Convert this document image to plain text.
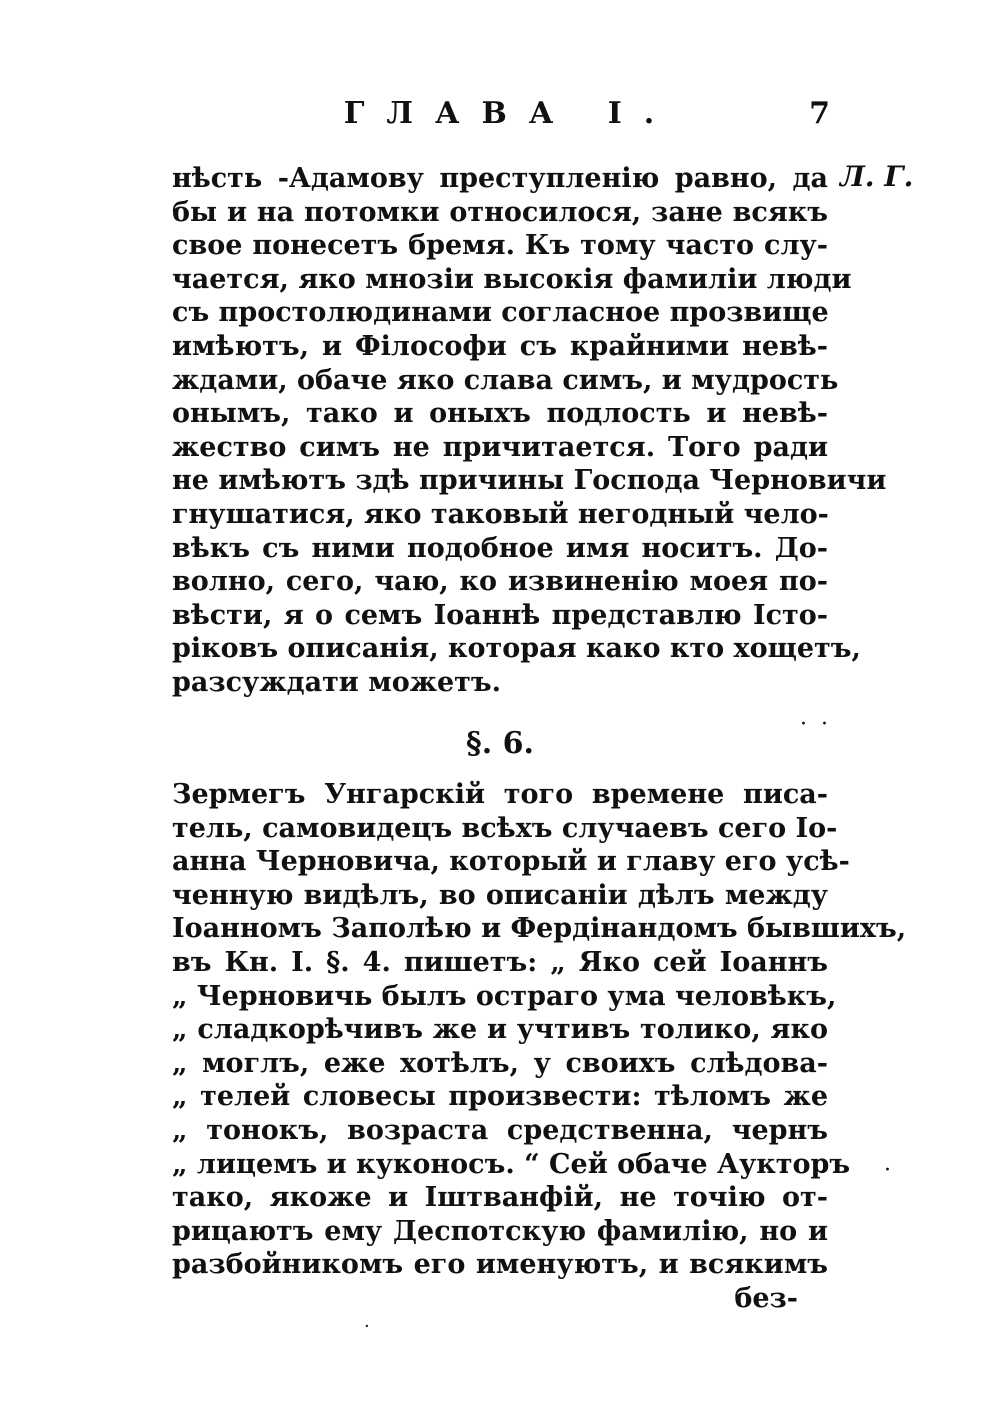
ГЛАВА I.	7
Л. Г.
нѣсть -Адамову преступленію равно, да
бы и на потомки относилося, зане всякъ
свое понесетъ бремя. Къ тому часто слу-
чается, яко мнозіи высокія фамиліи люди
съ простолюдинами согласное прозвище
имѣютъ, и Філософи съ крайними невѣ-
ждами, обаче яко слава симъ, и мудрость
онымъ, тако и оныхъ подлость и невѣ-
жество симъ не причитается. Того ради
не имѣютъ здѣ причины Господа Черновичи
гнушатися, яко таковый негодный чело-
вѣкъ съ ними подобное имя носитъ. До-
волно, сего, чаю, ко извиненію моея по-
вѣсти, я о семъ Іоаннѣ представлю Істо-
ріковъ описанія, которая како кто хощетъ,
разсуждати можетъ.
·  ·
§. 6.
Зермегъ Унгарскій того времене писа-
тель, самовидецъ всѣхъ случаевъ сего Іо-
анна Черновича, который и главу его усѣ-
ченную видѣлъ, во описаніи дѣлъ между
Іоанномъ Заполѣю и Фердінандомъ бывшихъ,
въ Кн. I. §. 4. пишетъ: „ Яко сей Іоаннъ
„ Черновичь былъ остраго ума человѣкъ,
„ сладкорѣчивъ же и учтивъ толико, яко
„ моглъ, еже хотѣлъ, у своихъ слѣдова-
„ телей словесы произвести: тѣломъ же
„ тонокъ, возраста средственна, чернъ
„ лицемъ и куконосъ. “ Сей обаче Аукторъ
тако, якоже и Іштванфій, не точію от-
рицаютъ ему Деспотскую фамилію, но и
разбойникомъ его именуютъ, и всякимъ
без-
·
·
